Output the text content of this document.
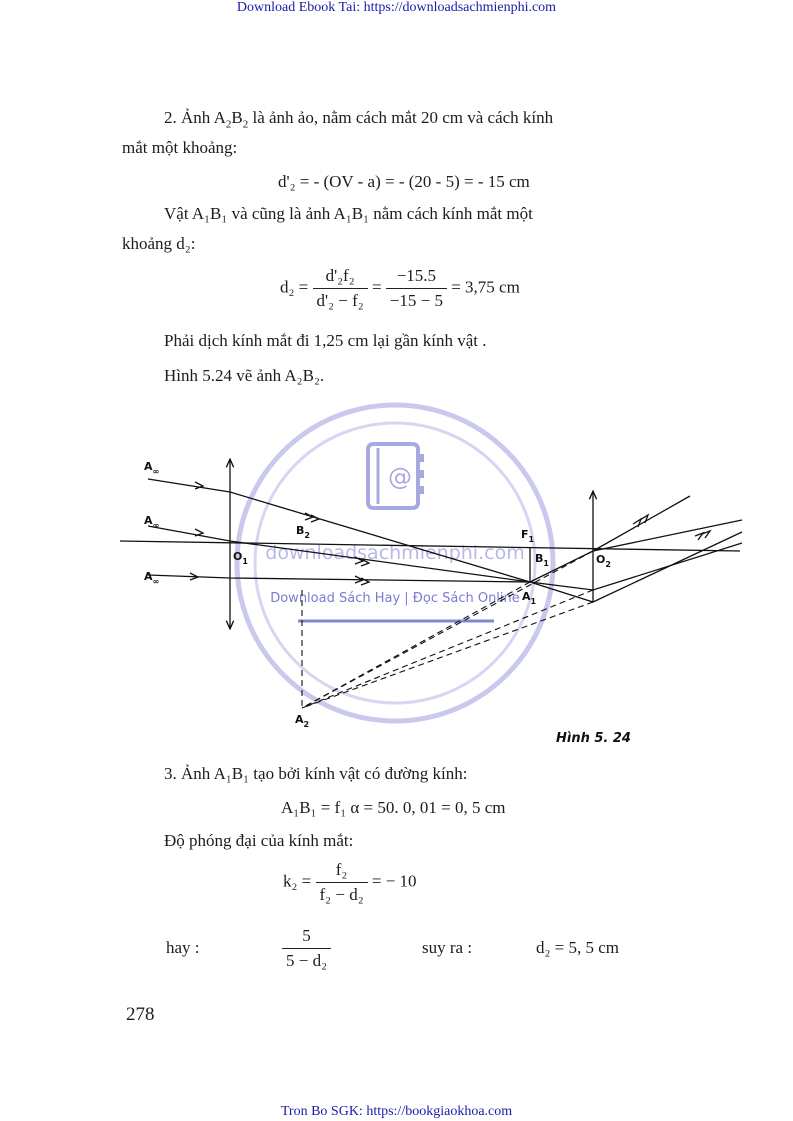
Download Ebook Tai: https://downloadsachmienphi.com
Tron Bo SGK: https://bookgiaokhoa.com
2. Ảnh $A_2B_2$ là ảnh ảo, nằm cách mắt 20 cm và cách kính
mắt một khoảng:
d'₂ = - (OV - a) = - (20 - 5) = - 15 cm
Vật A₁B₁ và cũng là ảnh A₁B₁ nằm cách kính mắt một
khoảng d₂:
$d_2 = \frac{\text{d'₂f₂}}{\text{d'₂ − f₂}} = \frac{-15.5}{-15 - 5} = 3,75$ cm
Phải dịch kính mắt đi 1,25 cm lại gần kính vật .
Hình 5.24 vẽ ảnh A₂B₂.
@
downloadsachmienphi.com
Download Sách Hay | Đọc Sách Online
$A_\infty$
$A_\infty$
$A_\infty$
$B_2$
$O_1$
$F_1$
$B_1$	$O_2$
$A_1$
$A_2$
Hình 5. 24
3. Ảnh A₁B₁ tạo bởi kính vật có đường kính:
A₁B₁ = f₁ α = 50. 0, 01 = 0, 5 cm
Độ phóng đại của kính mắt:
$k_2 = \frac{\text{f₂}}{\text{f₂ − d₂}}$ = − 10
hay :	$\frac{5}{\text{5 − d₂}}$	suy ra :	d₂ = 5, 5 cm
278
